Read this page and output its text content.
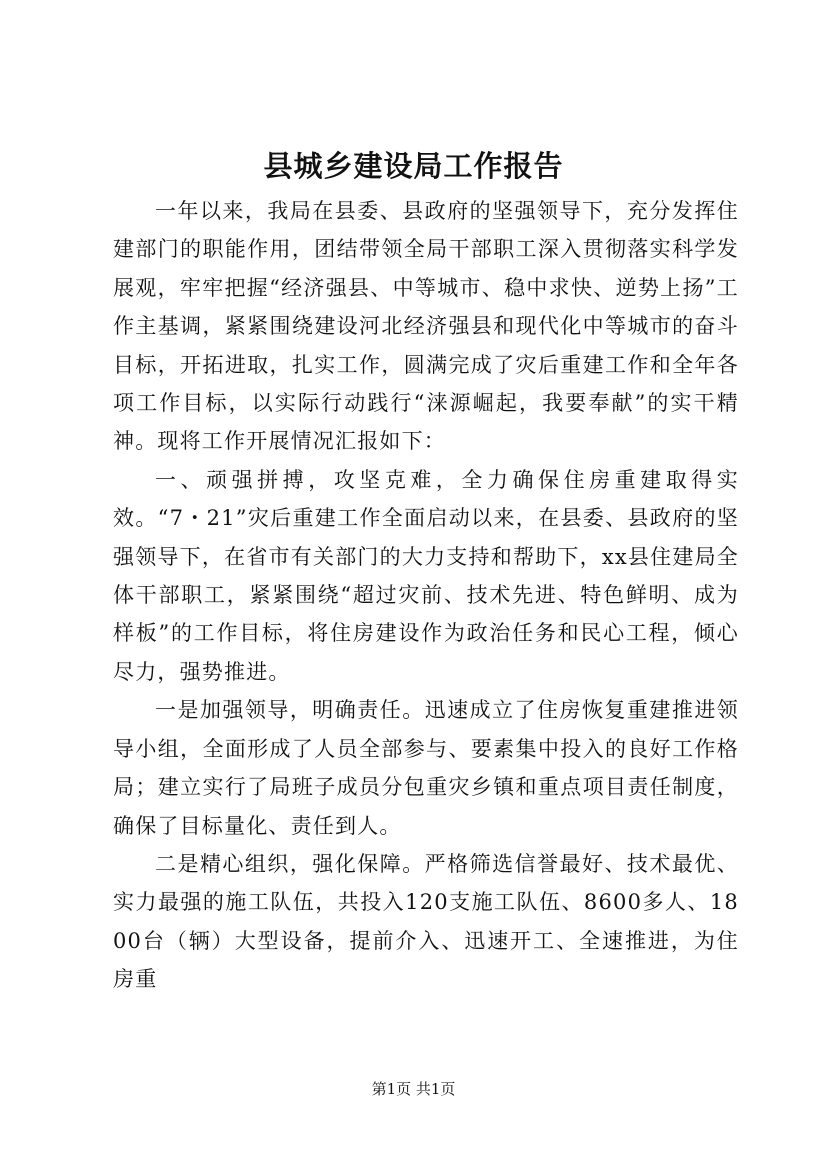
县城乡建设局工作报告

一年以来，我局在县委、县政府的坚强领导下，充分发挥住建部门的职能作用，团结带领全局干部职工深入贯彻落实科学发展观，牢牢把握“经济强县、中等城市、稳中求快、逆势上扬”工作主基调，紧紧围绕建设河北经济强县和现代化中等城市的奋斗目标，开拓进取，扎实工作，圆满完成了灾后重建工作和全年各项工作目标，以实际行动践行“涞源崛起，我要奉献”的实干精神。现将工作开展情况汇报如下：

一、顽强拼搏，攻坚克难，全力确保住房重建取得实效。“7・21”灾后重建工作全面启动以来，在县委、县政府的坚强领导下，在省市有关部门的大力支持和帮助下，xx县住建局全体干部职工，紧紧围绕“超过灾前、技术先进、特色鲜明、成为样板”的工作目标，将住房建设作为政治任务和民心工程，倾心尽力，强势推进。

一是加强领导，明确责任。迅速成立了住房恢复重建推进领导小组，全面形成了人员全部参与、要素集中投入的良好工作格局；建立实行了局班子成员分包重灾乡镇和重点项目责任制度，确保了目标量化、责任到人。

二是精心组织，强化保障。严格筛选信誉最好、技术最优、实力最强的施工队伍，共投入120支施工队伍、8600多人、1800台（辆）大型设备，提前介入、迅速开工、全速推进，为住房重

第1页 共1页
